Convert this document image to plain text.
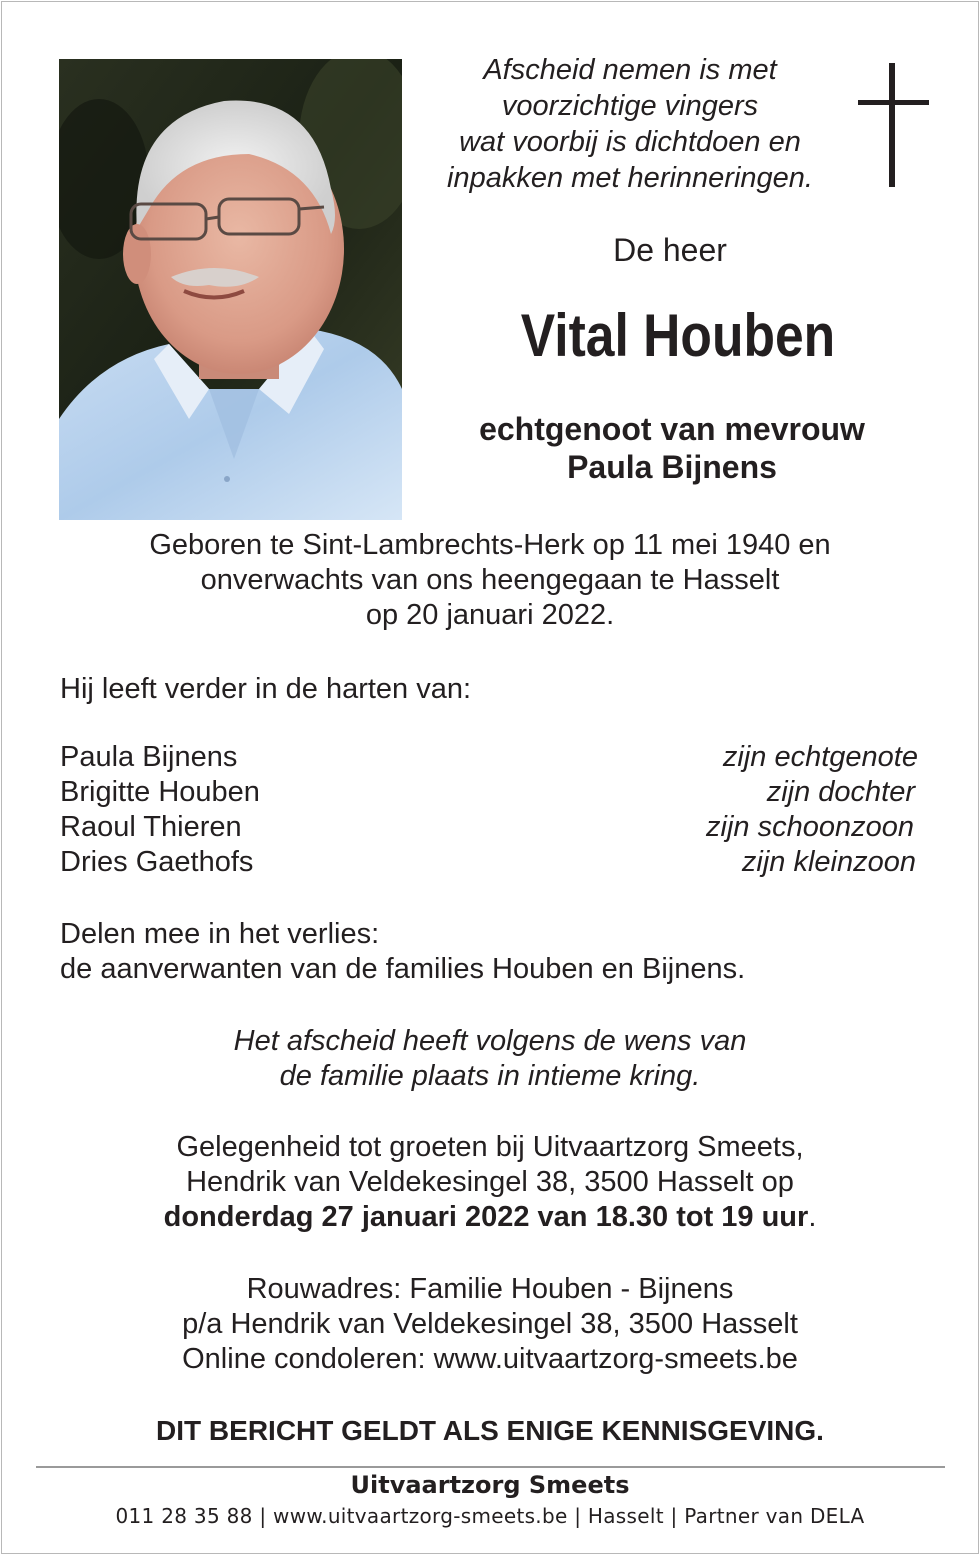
Afscheid nemen is met
voorzichtige vingers
wat voorbij is dichtdoen en
inpakken met herinneringen.
De heer
Vital Houben
echtgenoot van mevrouw
Paula Bijnens
Geboren te Sint-Lambrechts-Herk op 11 mei 1940 en
onverwachts van ons heengegaan te Hasselt
op 20 januari 2022.
Hij leeft verder in de harten van:
Paula Bijnens	zijn echtgenote
Brigitte Houben	zijn dochter
Raoul Thieren	zijn schoonzoon
Dries Gaethofs	zijn kleinzoon
Delen mee in het verlies:
de aanverwanten van de families Houben en Bijnens.
Het afscheid heeft volgens de wens van
de familie plaats in intieme kring.
Gelegenheid tot groeten bij Uitvaartzorg Smeets,
Hendrik van Veldekesingel 38, 3500 Hasselt op
donderdag 27 januari 2022 van 18.30 tot 19 uur.
Rouwadres: Familie Houben - Bijnens
p/a Hendrik van Veldekesingel 38, 3500 Hasselt
Online condoleren: www.uitvaartzorg-smeets.be
DIT BERICHT GELDT ALS ENIGE KENNISGEVING.
Uitvaartzorg Smeets
011 28 35 88 | www.uitvaartzorg-smeets.be | Hasselt | Partner van DELA
